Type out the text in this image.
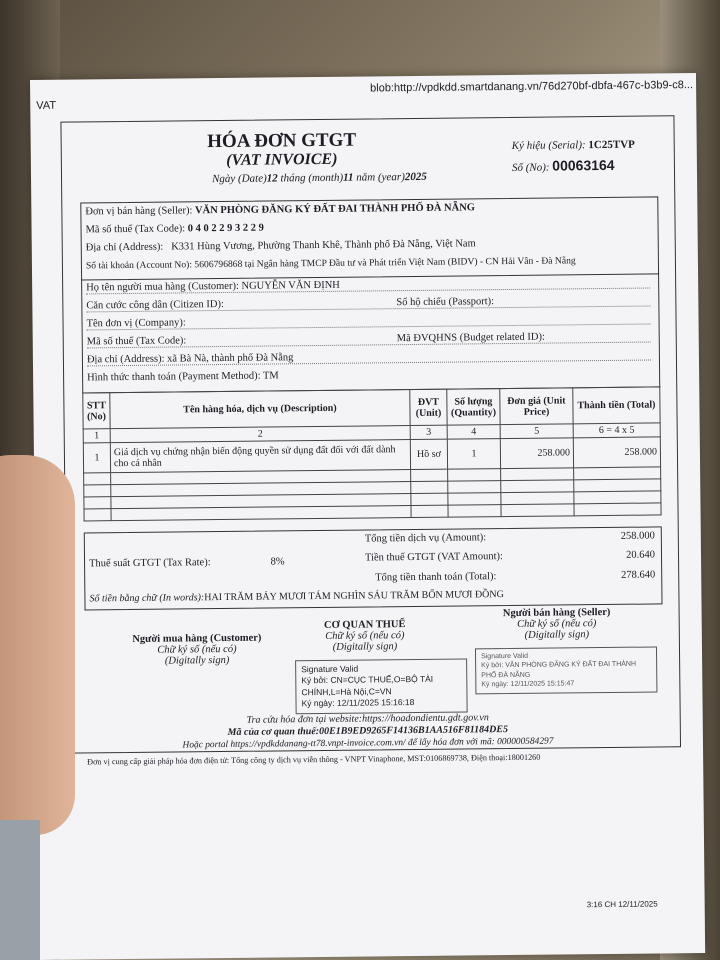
VAT
blob:http://vpdkdd.smartdanang.vn/76d270bf-dbfa-467c-b3b9-c8...
HÓA ĐƠN GTGT
(VAT INVOICE)
Ngày (Date)12 tháng (month)11 năm (year)2025
Ký hiệu (Serial): 1C25TVP
Số (No): 00063164
Đơn vị bán hàng (Seller): VĂN PHÒNG ĐĂNG KÝ ĐẤT ĐAI THÀNH PHỐ ĐÀ NẴNG
Mã số thuế (Tax Code): 0 4 0 2 2 9 3 2 2 9
Địa chỉ (Address): K331 Hùng Vương, Phường Thanh Khê, Thành phố Đà Nẵng, Việt Nam
Số tài khoản (Account No): 5606796868 tại Ngân hàng TMCP Đầu tư và Phát triển Việt Nam (BIDV) - CN Hải Vân - Đà Nẵng
Họ tên người mua hàng (Customer): NGUYỄN VĂN ĐỊNH
Căn cước công dân (Citizen ID):	Số hộ chiếu (Passport):
Tên đơn vị (Company):
Mã số thuế (Tax Code):	Mã ĐVQHNS (Budget related ID):
Địa chỉ (Address): xã Bà Nà, thành phố Đà Nẵng
Hình thức thanh toán (Payment Method): TM
STT (No)	Tên hàng hóa, dịch vụ (Description)	ĐVT (Unit)	Số lượng (Quantity)	Đơn giá (Unit Price)	Thành tiền (Total)
1	2	3	4	5	6 = 4 x 5
1	Giá dịch vụ chứng nhận biến động quyền sử dụng đất đối với đất dành cho cá nhân	Hồ sơ	1	258.000	258.000

Tổng tiền dịch vụ (Amount):	258.000
Thuế suất GTGT (Tax Rate):	8%	Tiền thuế GTGT (VAT Amount):	20.640
Tổng tiền thanh toán (Total):	278.640
Số tiền bằng chữ (In words):HAI TRĂM BẢY MƯƠI TÁM NGHÌN SÁU TRĂM BỐN MƯƠI ĐỒNG
Người mua hàng (Customer)
Chữ ký số (nếu có)
(Digitally sign)
CƠ QUAN THUẾ
Chữ ký số (nếu có)
(Digitally sign)
Người bán hàng (Seller)
Chữ ký số (nếu có)
(Digitally sign)
Signature Valid
Ký bởi: CN=CỤC THUẾ,O=BỘ TÀI CHÍNH,L=Hà Nội,C=VN
Ký ngày: 12/11/2025 15:16:18
Signature Valid
Ký bởi: VĂN PHÒNG ĐĂNG KÝ ĐẤT ĐAI THÀNH PHỐ ĐÀ NẴNG
Ký ngày: 12/11/2025 15:15:47
Tra cứu hóa đơn tại website:https://hoadondientu.gdt.gov.vn
Mã của cơ quan thuế:00E1B9ED9265F14136B1AA516F81184DE5
Hoặc portal https://vpdkddanang-tt78.vnpt-invoice.com.vn/ để lấy hóa đơn với mã: 000000584297
Đơn vị cung cấp giải pháp hóa đơn điện tử: Tổng công ty dịch vụ viễn thông - VNPT Vinaphone, MST:0106869738, Điện thoại:18001260
3:16 CH 12/11/2025
